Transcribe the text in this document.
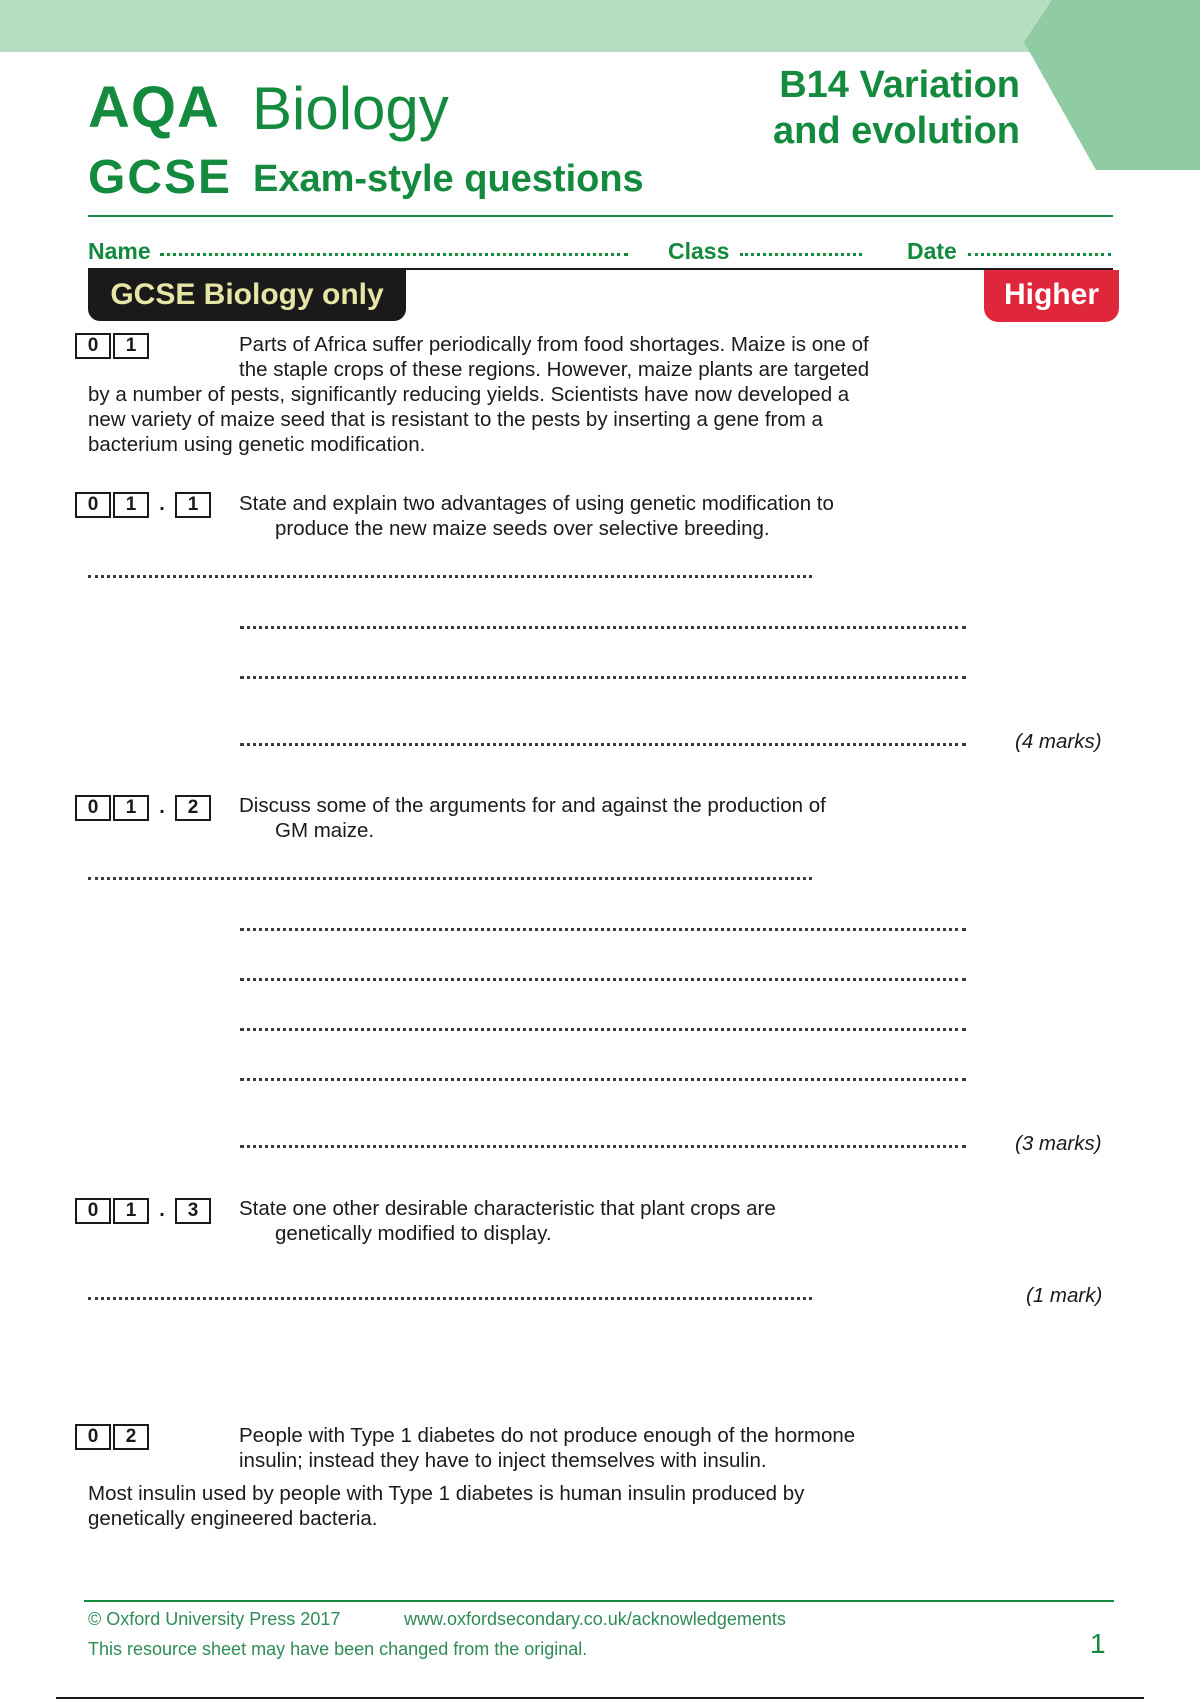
AQA Biology
GCSE Exam-style questions
B14 Variation
and evolution
Name	Class	Date
GCSE Biology only	Higher
0 1	Parts of Africa suffer periodically from food shortages. Maize is one of
the staple crops of these regions. However, maize plants are targeted
by a number of pests, significantly reducing yields. Scientists have now developed a
new variety of maize seed that is resistant to the pests by inserting a gene from a
bacterium using genetic modification.
0 1 . 1	State and explain two advantages of using genetic modification to
produce the new maize seeds over selective breeding.
(4 marks)
0 1 . 2	Discuss some of the arguments for and against the production of
GM maize.
(3 marks)
0 1 . 3	State one other desirable characteristic that plant crops are
genetically modified to display.
(1 mark)
0 2	People with Type 1 diabetes do not produce enough of the hormone
insulin; instead they have to inject themselves with insulin.
Most insulin used by people with Type 1 diabetes is human insulin produced by
genetically engineered bacteria.
© Oxford University Press 2017	www.oxfordsecondary.co.uk/acknowledgements
This resource sheet may have been changed from the original.	1
